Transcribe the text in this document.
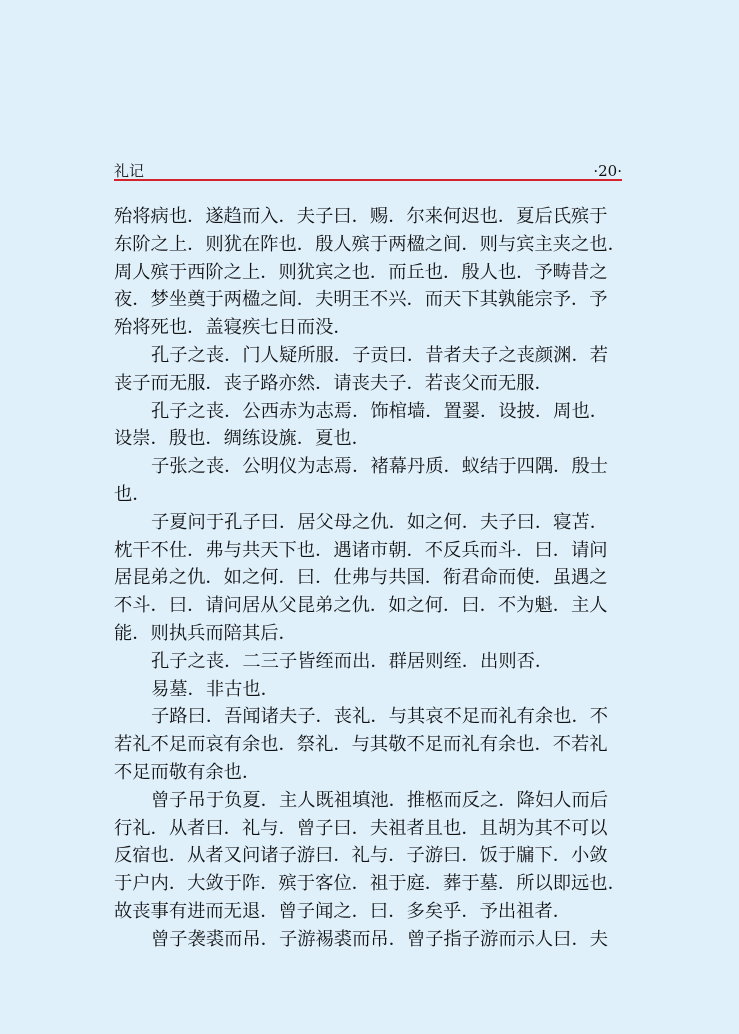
礼记	·20·
殆将病也．遂趋而入．夫子曰．赐．尔来何迟也．夏后氏殡于
东阶之上．则犹在阼也．殷人殡于两楹之间．则与宾主夹之也．
周人殡于西阶之上．则犹宾之也．而丘也．殷人也．予畴昔之
夜．梦坐奠于两楹之间．夫明王不兴．而天下其孰能宗予．予
殆将死也．盖寝疾七日而没．
孔子之丧．门人疑所服．子贡曰．昔者夫子之丧颜渊．若
丧子而无服．丧子路亦然．请丧夫子．若丧父而无服．
孔子之丧．公西赤为志焉．饰棺墙．置翣．设披．周也．
设崇．殷也．绸练设旐．夏也．
子张之丧．公明仪为志焉．褚幕丹质．蚁结于四隅．殷士
也．
子夏问于孔子曰．居父母之仇．如之何．夫子曰．寝苫．
枕干不仕．弗与共天下也．遇诸市朝．不反兵而斗．曰．请问
居昆弟之仇．如之何．曰．仕弗与共国．衔君命而使．虽遇之
不斗．曰．请问居从父昆弟之仇．如之何．曰．不为魁．主人
能．则执兵而陪其后．
孔子之丧．二三子皆绖而出．群居则绖．出则否．
易墓．非古也．
子路曰．吾闻诸夫子．丧礼．与其哀不足而礼有余也．不
若礼不足而哀有余也．祭礼．与其敬不足而礼有余也．不若礼
不足而敬有余也．
曾子吊于负夏．主人既祖填池．推柩而反之．降妇人而后
行礼．从者曰．礼与．曾子曰．夫祖者且也．且胡为其不可以
反宿也．从者又问诸子游曰．礼与．子游曰．饭于牖下．小敛
于户内．大敛于阼．殡于客位．祖于庭．葬于墓．所以即远也．
故丧事有进而无退．曾子闻之．曰．多矣乎．予出祖者．
曾子袭裘而吊．子游裼裘而吊．曾子指子游而示人曰．夫
